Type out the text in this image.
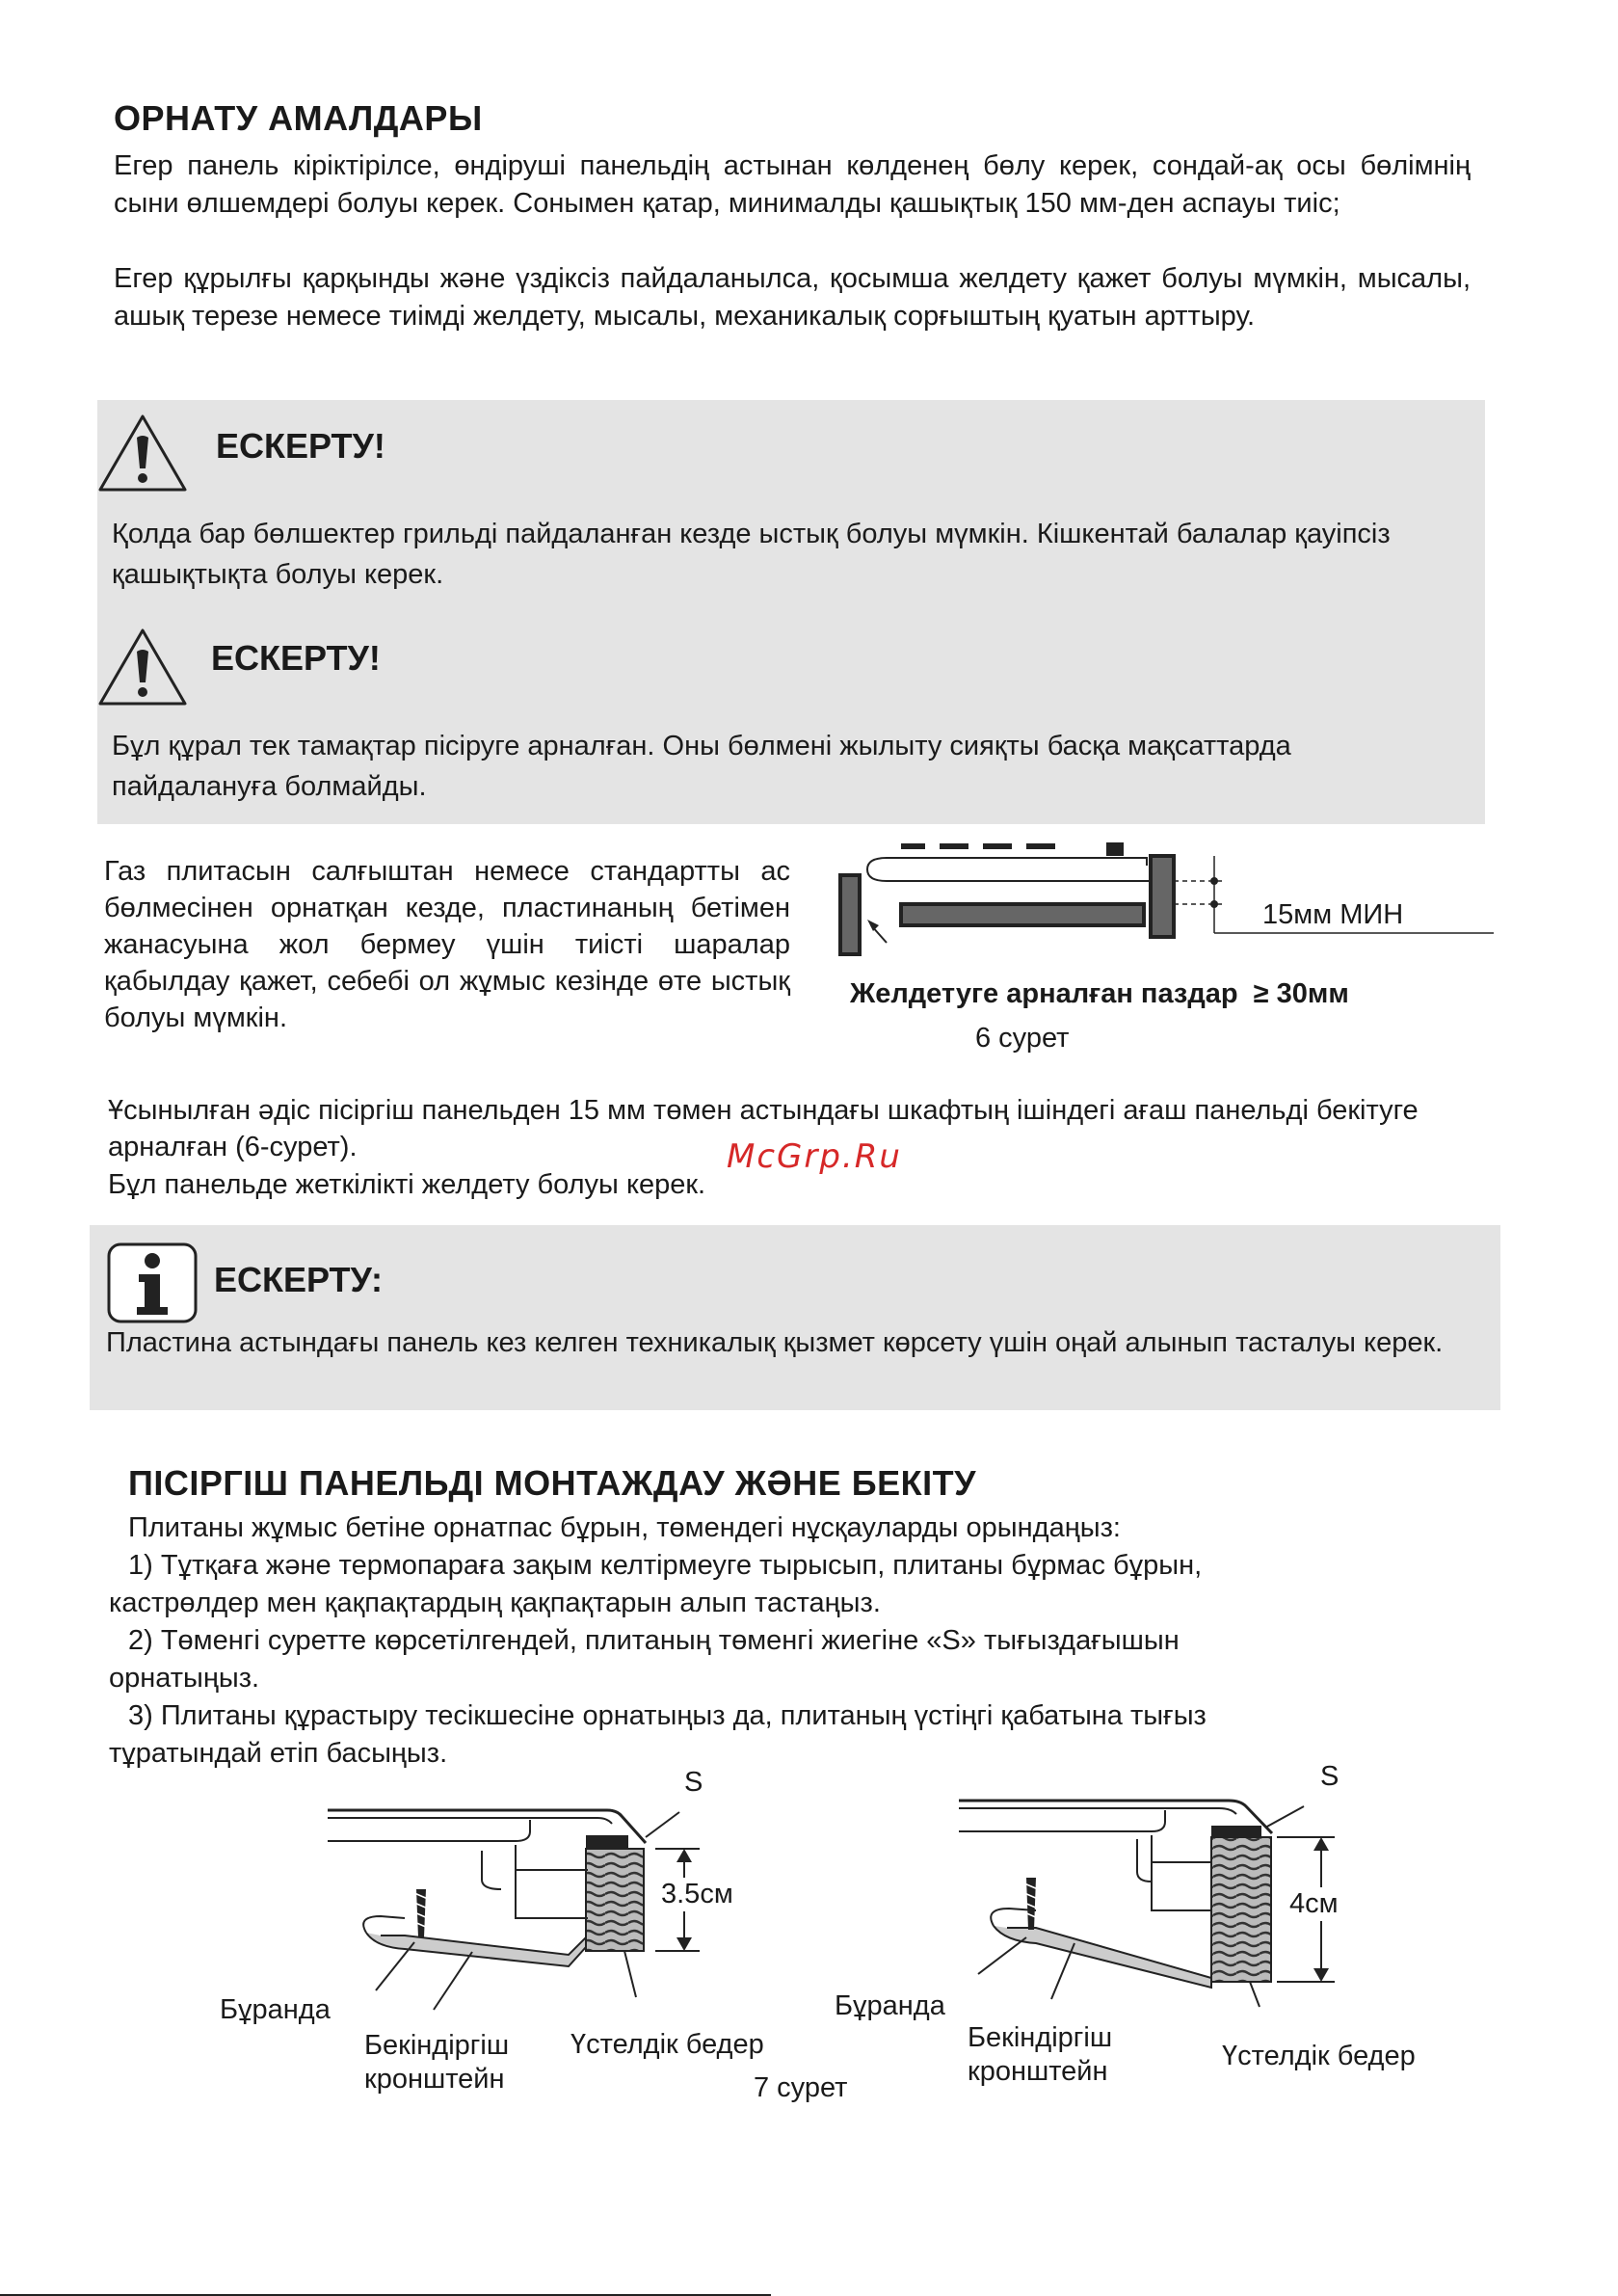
ОРНАТУ АМАЛДАРЫ
Егер панель кіріктірілсе, өндіруші панельдің астынан көлденең бөлу керек, сондай-ақ осы бөлімнің сыни өлшемдері болуы керек. Сонымен қатар, минималды қашықтық 150 мм-ден аспауы тиіс;
Егер құрылғы қарқынды және үздіксіз пайдаланылса, қосымша желдету қажет болуы мүмкін, мысалы, ашық терезе немесе тиімді желдету, мысалы, механикалық сорғыштың қуатын арттыру.
ЕСКЕРТУ!
Қолда бар бөлшектер грильді пайдаланған кезде ыстық болуы мүмкін. Кішкентай балалар қауіпсіз қашықтықта болуы керек.
ЕСКЕРТУ!
Бұл құрал тек тамақтар пісіруге арналған. Оны бөлмені жылыту сияқты басқа мақсаттарда пайдалануға болмайды.
Газ плитасын салғыштан немесе стандартты ас бөлмесінен орнатқан кезде, пластинаның бетімен жанасуына жол бермеу үшін тиісті шаралар қабылдау қажет, себебі ол жұмыс кезінде өте ыстық болуы мүмкін.
15мм МИН
Желдетуге арналған паздар  ≥ 30мм
6 сурет
Ұсынылған әдіс пісіргіш панельден 15 мм төмен астындағы шкафтың ішіндегі ағаш панельді бекітуге арналған (6-сурет).
Бұл панельде жеткілікті желдету болуы керек.
McGrp.Ru
ЕСКЕРТУ:
Пластина астындағы панель кез келген техникалық қызмет көрсету үшін оңай алынып тасталуы керек.
ПІСІРГІШ ПАНЕЛЬДІ МОНТАЖДАУ ЖӘНЕ БЕКІТУ
Плитаны жұмыс бетіне орнатпас бұрын, төмендегі нұсқауларды орындаңыз:
1) Тұтқаға және термопараға зақым келтірмеуге тырысып, плитаны бұрмас бұрын,
кастрөлдер мен қақпақтардың қақпақтарын алып тастаңыз.
2) Төменгі суретте көрсетілгендей, плитаның төменгі жиегіне «S» тығыздағышын
орнатыңыз.
3) Плитаны құрастыру тесікшесіне орнатыңыз да, плитаның үстіңгі қабатына тығыз
тұратындай етіп басыңыз.
S
3.5см
Бұранда
Бекіндіргіш
кронштейн
Үстелдік бедер
7 сурет
S
4см
Бұранда
Бекіндіргіш
кронштейн	Үстелдік бедер
